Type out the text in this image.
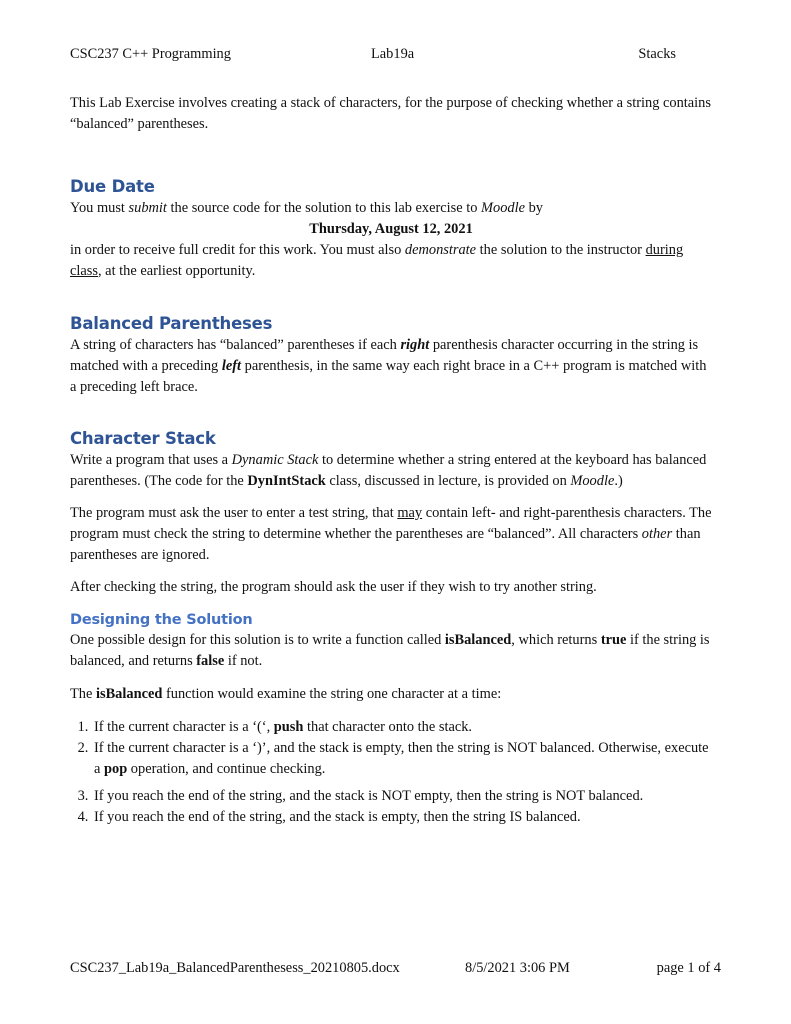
CSC237 C++ Programming	Lab19a	Stacks

This Lab Exercise involves creating a stack of characters, for the purpose of checking whether a string contains “balanced” parentheses.

Due Date

You must submit the source code for the solution to this lab exercise to Moodle by

Thursday, August 12, 2021

in order to receive full credit for this work. You must also demonstrate the solution to the instructor during class, at the earliest opportunity.

Balanced Parentheses

A string of characters has “balanced” parentheses if each right parenthesis character occurring in the string is matched with a preceding left parenthesis, in the same way each right brace in a C++ program is matched with a preceding left brace.

Character Stack

Write a program that uses a Dynamic Stack to determine whether a string entered at the keyboard has balanced parentheses. (The code for the DynIntStack class, discussed in lecture, is provided on Moodle.)

The program must ask the user to enter a test string, that may contain left- and right-parenthesis characters. The program must check the string to determine whether the parentheses are “balanced”. All characters other than parentheses are ignored.

After checking the string, the program should ask the user if they wish to try another string.

Designing the Solution

One possible design for this solution is to write a function called isBalanced, which returns true if the string is balanced, and returns false if not.

The isBalanced function would examine the string one character at a time:

1. If the current character is a ‘(‘, push that character onto the stack.
2. If the current character is a ‘)’, and the stack is empty, then the string is NOT balanced. Otherwise, execute a pop operation, and continue checking.
3. If you reach the end of the string, and the stack is NOT empty, then the string is NOT balanced.
4. If you reach the end of the string, and the stack is empty, then the string IS balanced.
CSC237_Lab19a_BalancedParenthesess_20210805.docx	8/5/2021 3:06 PM	page 1 of 4
